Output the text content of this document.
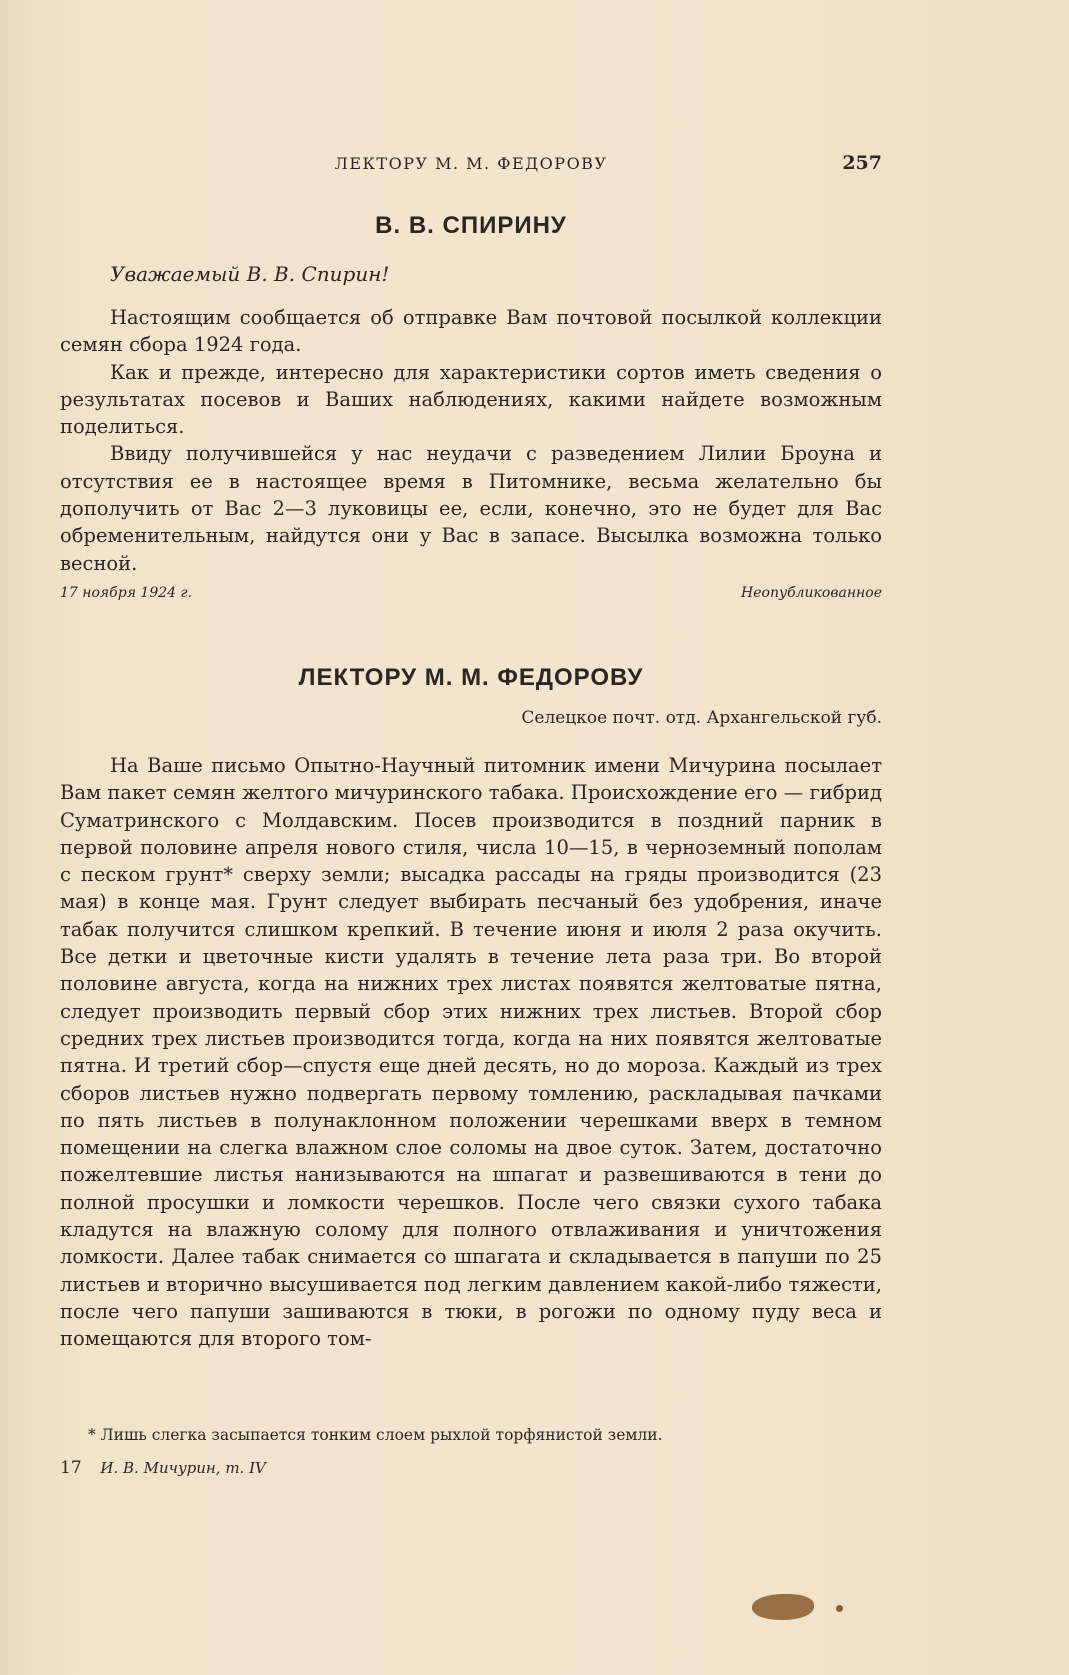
ЛЕКТОРУ М. М. ФЕДОРОВУ	257
В. В. СПИРИНУ

Уважаемый В. В. Спирин!

Настоящим сообщается об отправке Вам почтовой посылкой коллекции семян сбора 1924 года.

Как и прежде, интересно для характеристики сортов иметь сведения о результатах посевов и Ваших наблюдениях, какими найдете возможным поделиться.

Ввиду получившейся у нас неудачи с разведением Лилии Броуна и отсутствия ее в настоящее время в Питомнике, весьма желательно бы дополучить от Вас 2—3 луковицы ее, если, конечно, это не будет для Вас обременительным, найдутся они у Вас в запасе. Высылка возможна только весной.

17 ноября 1924 г.	Неопубликованное
ЛЕКТОРУ М. М. ФЕДОРОВУ

Селецкое почт. отд. Архангельской губ.

На Ваше письмо Опытно-Научный питомник имени Мичурина посылает Вам пакет семян желтого мичуринского табака. Происхождение его — гибрид Суматринского с Молдавским. Посев производится в поздний парник в первой половине апреля нового стиля, числа 10—15, в черноземный пополам с песком грунт* сверху земли; высадка рассады на гряды производится (23 мая) в конце мая. Грунт следует выбирать песчаный без удобрения, иначе табак получится слишком крепкий. В течение июня и июля 2 раза окучить. Все детки и цветочные кисти удалять в течение лета раза три. Во второй половине августа, когда на нижних трех листах появятся желтоватые пятна, следует производить первый сбор этих нижних трех листьев. Второй сбор средних трех листьев производится тогда, когда на них появятся желтоватые пятна. И третий сбор—спустя еще дней десять, но до мороза. Каждый из трех сборов листьев нужно подвергать первому томлению, раскладывая пачками по пять листьев в полунаклонном положении черешками вверх в темном помещении на слегка влажном слое соломы на двое суток. Затем, достаточно пожелтевшие листья нанизываются на шпагат и развешиваются в тени до полной просушки и ломкости черешков. После чего связки сухого табака кладутся на влажную солому для полного отвлаживания и уничтожения ломкости. Далее табак снимается со шпагата и складывается в папуши по 25 листьев и вторично высушивается под легким давлением какой-либо тяжести, после чего папуши зашиваются в тюки, в рогожи по одному пуду веса и помещаются для второго том-

* Лишь слегка засыпается тонким слоем рыхлой торфянистой земли.

17 И. В. Мичурин, т. IV
